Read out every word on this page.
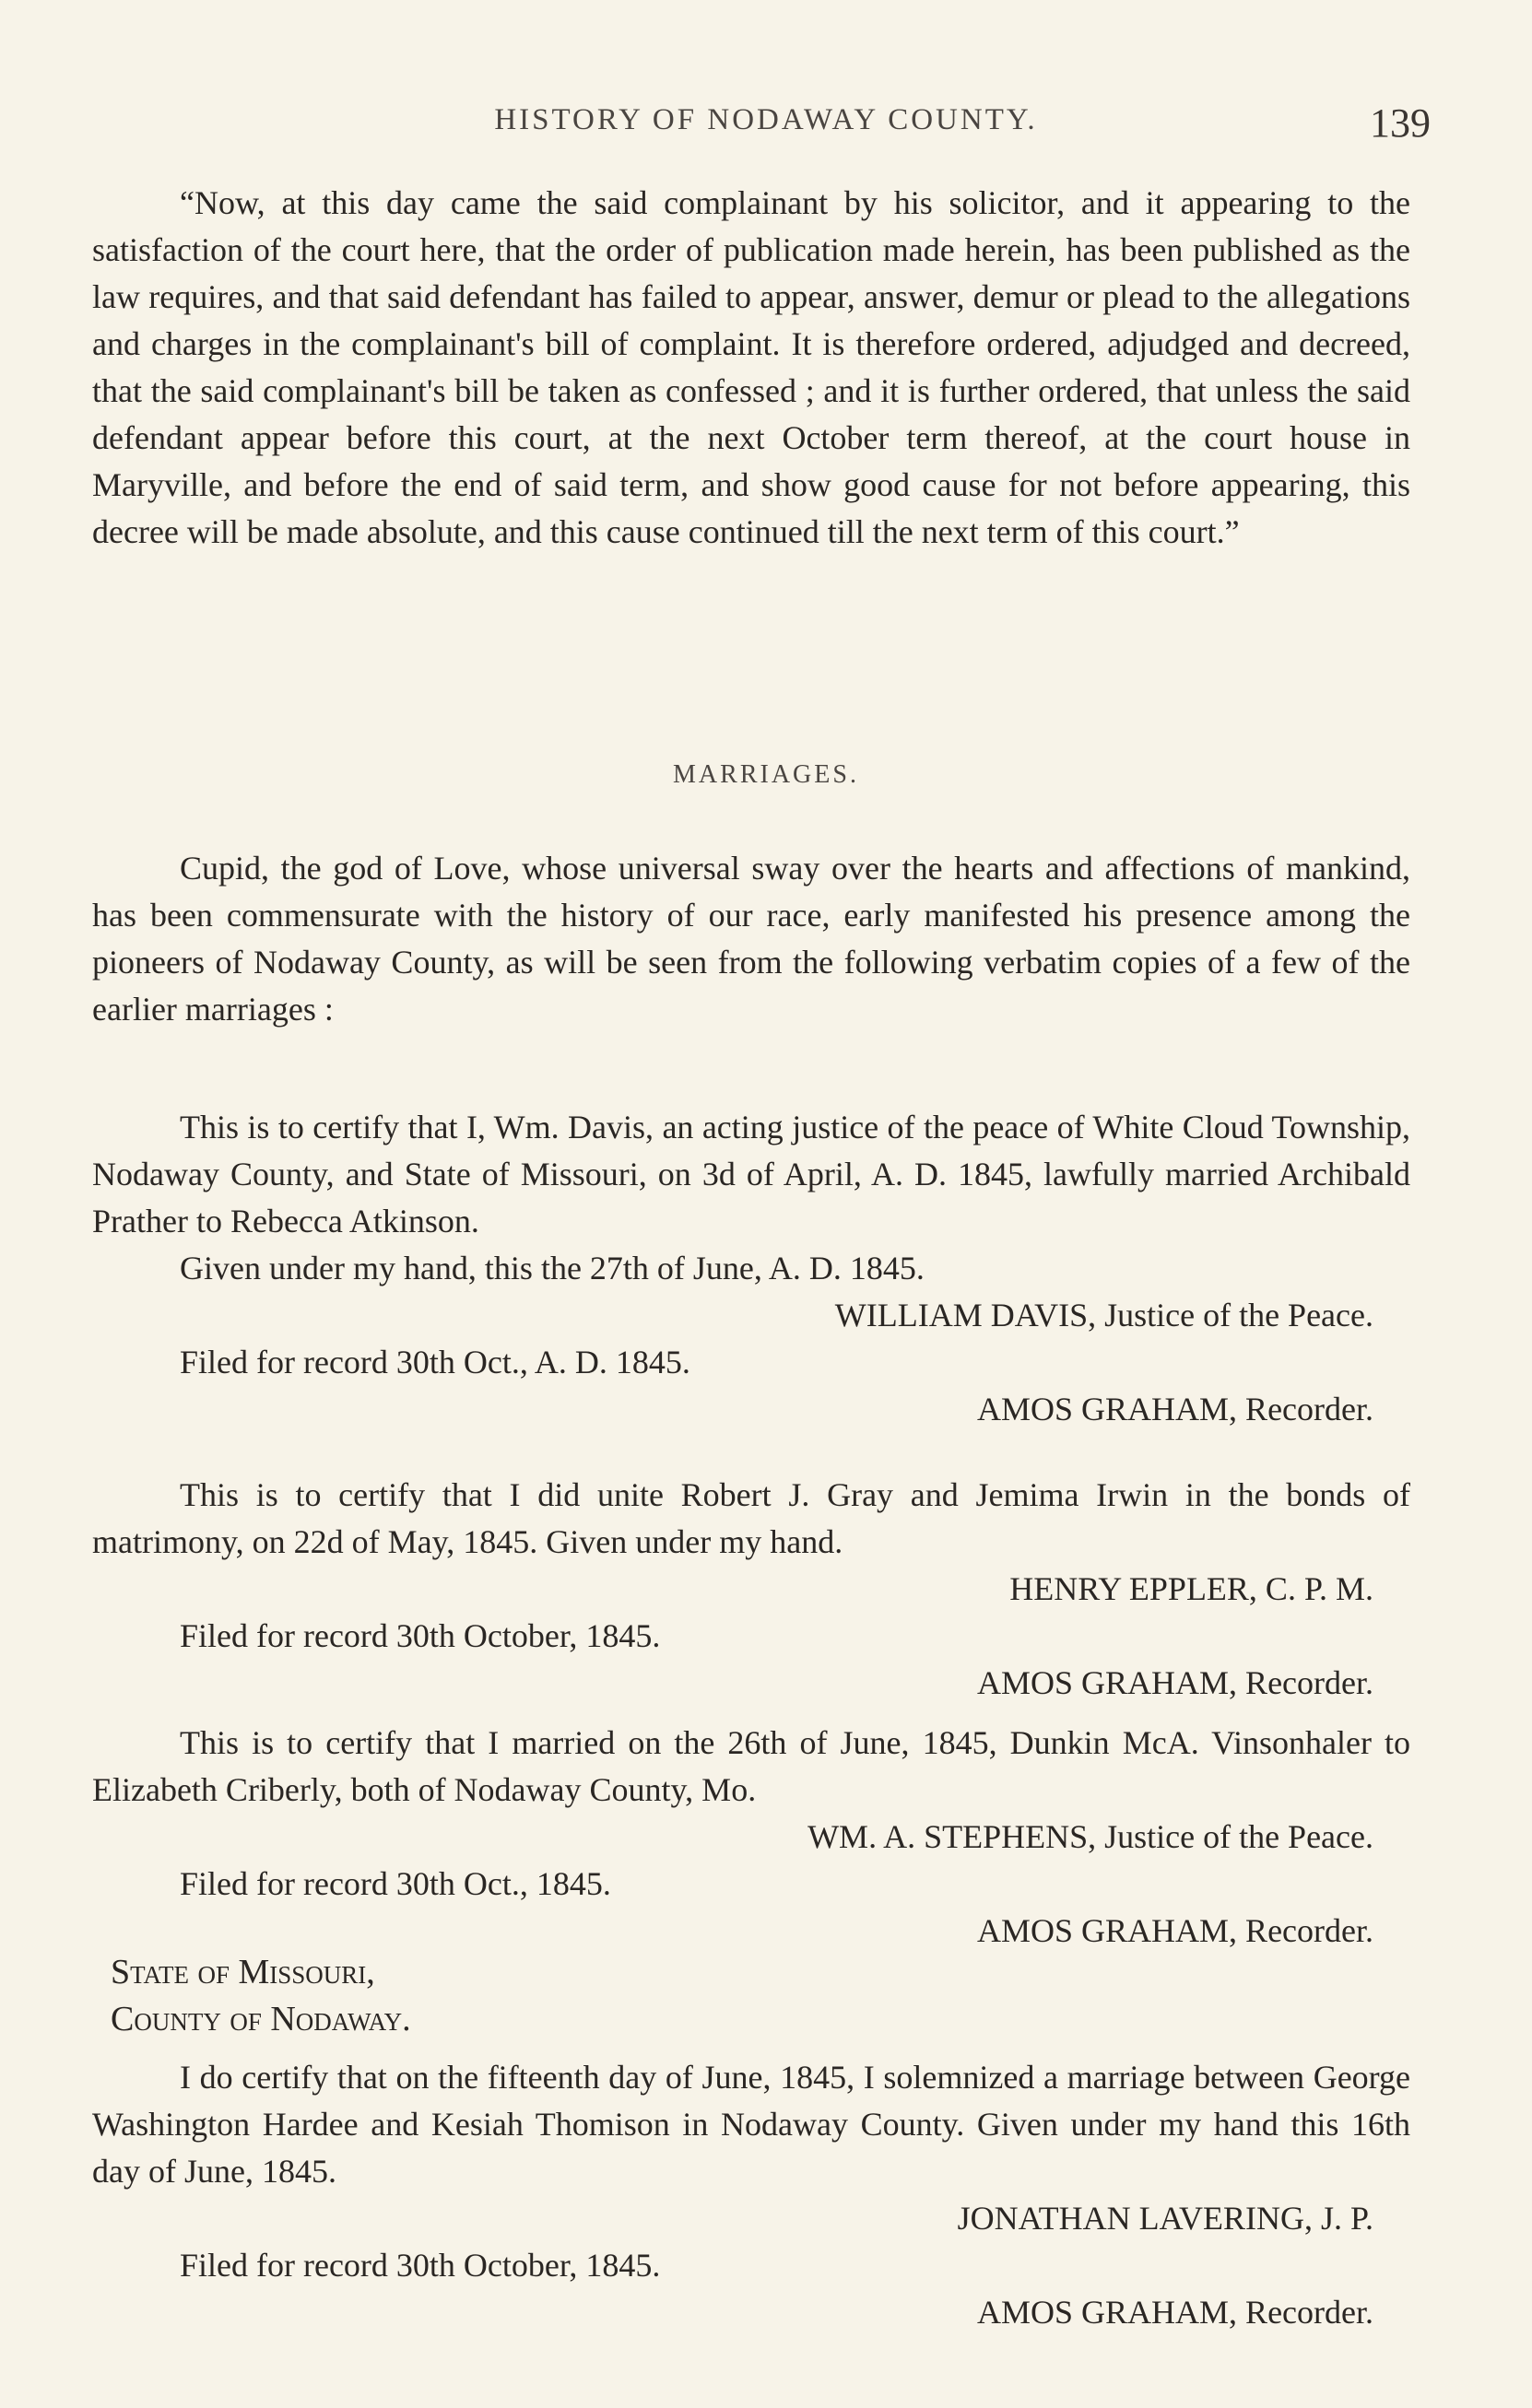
HISTORY OF NODAWAY COUNTY.	139

“Now, at this day came the said complainant by his solicitor, and it appearing to the satisfaction of the court here, that the order of publication made herein, has been published as the law requires, and that said defendant has failed to appear, answer, demur or plead to the allegations and charges in the complainant's bill of complaint. It is therefore ordered, adjudged and decreed, that the said complainant's bill be taken as confessed ; and it is further ordered, that unless the said defendant appear before this court, at the next October term thereof, at the court house in Maryville, and before the end of said term, and show good cause for not before appearing, this decree will be made absolute, and this cause continued till the next term of this court.”

MARRIAGES.

Cupid, the god of Love, whose universal sway over the hearts and affections of mankind, has been commensurate with the history of our race, early manifested his presence among the pioneers of Nodaway County, as will be seen from the following verbatim copies of a few of the earlier marriages :

This is to certify that I, Wm. Davis, an acting justice of the peace of White Cloud Township, Nodaway County, and State of Missouri, on 3d of April, A. D. 1845, lawfully married Archibald Prather to Rebecca Atkinson.

Given under my hand, this the 27th of June, A. D. 1845.
WILLIAM DAVIS, Justice of the Peace.
Filed for record 30th Oct., A. D. 1845.
AMOS GRAHAM, Recorder.

This is to certify that I did unite Robert J. Gray and Jemima Irwin in the bonds of matrimony, on 22d of May, 1845. Given under my hand.

HENRY EPPLER, C. P. M.
Filed for record 30th October, 1845.
AMOS GRAHAM, Recorder.

This is to certify that I married on the 26th of June, 1845, Dunkin McA. Vinsonhaler to Elizabeth Criberly, both of Nodaway County, Mo.

WM. A. STEPHENS, Justice of the Peace.
Filed for record 30th Oct., 1845.
AMOS GRAHAM, Recorder.
State of Missouri,
County of Nodaway.

I do certify that on the fifteenth day of June, 1845, I solemnized a marriage between George Washington Hardee and Kesiah Thomison in Nodaway County. Given under my hand this 16th day of June, 1845.

JONATHAN LAVERING, J. P.
Filed for record 30th October, 1845.
AMOS GRAHAM, Recorder.
